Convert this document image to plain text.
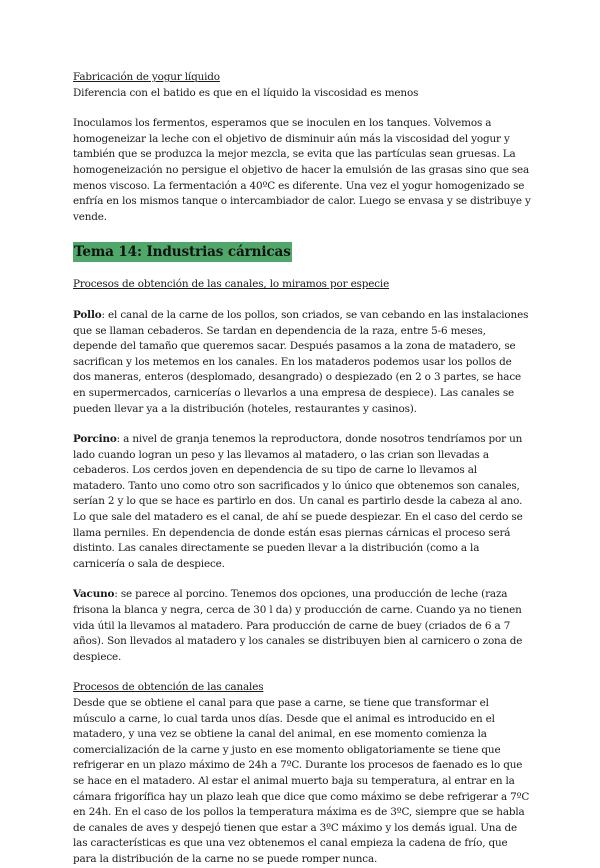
Fabricación de yogur líquido

Diferencia con el batido es que en el líquido la viscosidad es menos

Inoculamos los fermentos, esperamos que se inoculen en los tanques. Volvemos a homogeneizar la leche con el objetivo de disminuir aún más la viscosidad del yogur y también que se produzca la mejor mezcla, se evita que las partículas sean gruesas. La homogeneización no persigue el objetivo de hacer la emulsión de las grasas sino que sea menos viscoso. La fermentación a 40ºC es diferente. Una vez el yogur homogenizado se enfría en los mismos tanque o intercambiador de calor. Luego se envasa y se distribuye y vende.

Tema 14: Industrias cárnicas

Procesos de obtención de las canales, lo miramos por especie

Pollo: el canal de la carne de los pollos, son criados, se van cebando en las instalaciones que se llaman cebaderos. Se tardan en dependencia de la raza, entre 5-6 meses, depende del tamaño que queremos sacar. Después pasamos a la zona de matadero, se sacrifican y los metemos en los canales. En los mataderos podemos usar los pollos de dos maneras, enteros (desplomado, desangrado) o despiezado (en 2 o 3 partes, se hace en supermercados, carnicerías o llevarlos a una empresa de despiece). Las canales se pueden llevar ya a la distribución (hoteles, restaurantes y casinos).

Porcino: a nivel de granja tenemos la reproductora, donde nosotros tendríamos por un lado cuando logran un peso y las llevamos al matadero, o las crian son llevadas a cebaderos. Los cerdos joven en dependencia de su tipo de carne lo llevamos al matadero. Tanto uno como otro son sacrificados y lo único que obtenemos son canales, serían 2 y lo que se hace es partirlo en dos. Un canal es partirlo desde la cabeza al ano. Lo que sale del matadero es el canal, de ahí se puede despiezar. En el caso del cerdo se llama perniles. En dependencia de donde están esas piernas cárnicas el proceso será distinto. Las canales directamente se pueden llevar a la distribución (como a la carnicería o sala de despiece.

Vacuno: se parece al porcino. Tenemos dos opciones, una producción de leche (raza frisona la blanca y negra, cerca de 30 l da) y producción de carne. Cuando ya no tienen vida útil la llevamos al matadero. Para producción de carne de buey (criados de 6 a 7 años). Son llevados al matadero y los canales se distribuyen bien al carnicero o zona de despiece.

Procesos de obtención de las canales

Desde que se obtiene el canal para que pase a carne, se tiene que transformar el músculo a carne, lo cual tarda unos días. Desde que el animal es introducido en el matadero, y una vez se obtiene la canal del animal, en ese momento comienza la comercialización de la carne y justo en ese momento obligatoriamente se tiene que refrigerar en un plazo máximo de 24h a 7ºC. Durante los procesos de faenado es lo que se hace en el matadero. Al estar el animal muerto baja su temperatura, al entrar en la cámara frigorífica hay un plazo leah que dice que como máximo se debe refrigerar a 7ºC en 24h. En el caso de los pollos la temperatura máxima es de 3ºC, siempre que se habla de canales de aves y despejó tienen que estar a 3ºC máximo y los demás igual. Una de las características es que una vez obtenemos el canal empieza la cadena de frío, que para la distribución de la carne no se puede romper nunca.
